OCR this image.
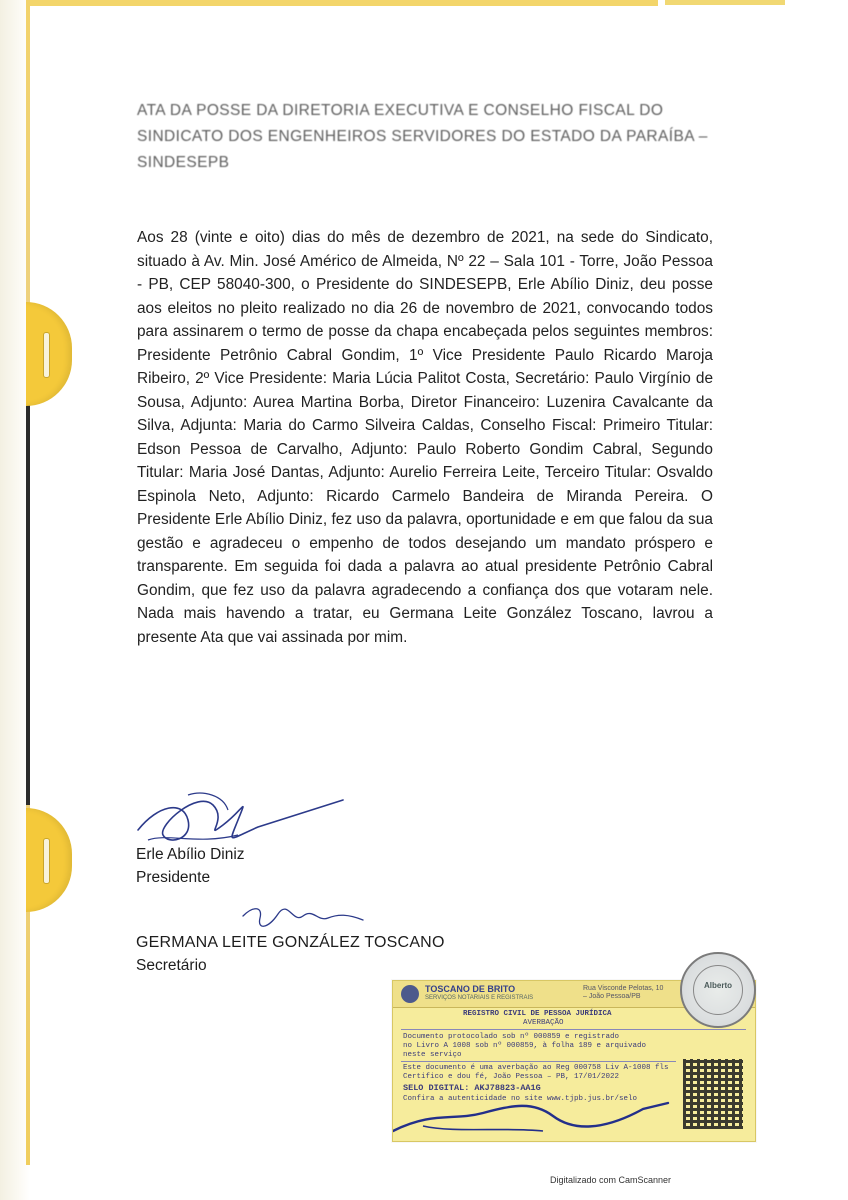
ATA DA POSSE DA DIRETORIA EXECUTIVA E CONSELHO FISCAL DO SINDICATO DOS ENGENHEIROS SERVIDORES DO ESTADO DA PARAÍBA – SINDESEPB
Aos 28 (vinte e oito) dias do mês de dezembro de 2021, na sede do Sindicato, situado à Av. Min. José Américo de Almeida, Nº 22 – Sala 101 - Torre, João Pessoa - PB, CEP 58040-300, o Presidente do SINDESEPB, Erle Abílio Diniz, deu posse aos eleitos no pleito realizado no dia 26 de novembro de 2021, convocando todos para assinarem o termo de posse da chapa encabeçada pelos seguintes membros: Presidente Petrônio Cabral Gondim, 1º Vice Presidente Paulo Ricardo Maroja Ribeiro, 2º Vice Presidente: Maria Lúcia Palitot Costa, Secretário: Paulo Virgínio de Sousa, Adjunto: Aurea Martina Borba, Diretor Financeiro: Luzenira Cavalcante da Silva, Adjunta: Maria do Carmo Silveira Caldas, Conselho Fiscal: Primeiro Titular: Edson Pessoa de Carvalho, Adjunto: Paulo Roberto Gondim Cabral, Segundo Titular: Maria José Dantas, Adjunto: Aurelio Ferreira Leite, Terceiro Titular: Osvaldo Espinola Neto, Adjunto: Ricardo Carmelo Bandeira de Miranda Pereira. O Presidente Erle Abílio Diniz, fez uso da palavra, oportunidade e em que falou da sua gestão e agradeceu o empenho de todos desejando um mandato próspero e transparente. Em seguida foi dada a palavra ao atual presidente Petrônio Cabral Gondim, que fez uso da palavra agradecendo a confiança dos que votaram nele. Nada mais havendo a tratar, eu Germana Leite González Toscano, lavrou a presente Ata que vai assinada por mim.
Erle Abílio Diniz
Presidente
GERMANA LEITE GONZÁLEZ TOSCANO
Secretário
TOSCANO DE BRITO
SERVIÇOS NOTARIAIS E REGISTRAIS
Rua Visconde Pelotas, 10 – João Pessoa/PB
REGISTRO CIVIL DE PESSOA JURÍDICA
AVERBAÇÃO
Documento protocolado sob nº 000859 e registrado
no Livro A 1008 sob nº 000859, à folha 189 e arquivado
neste serviço
Este documento é uma averbação ao Reg 000758 Liv A-1008 fls
Certifico e dou fé, João Pessoa – PB, 17/01/2022
SELO DIGITAL: AKJ78823-AA1G
Confira a autenticidade no site www.tjpb.jus.br/selo
Alberto
Digitalizado com CamScanner
